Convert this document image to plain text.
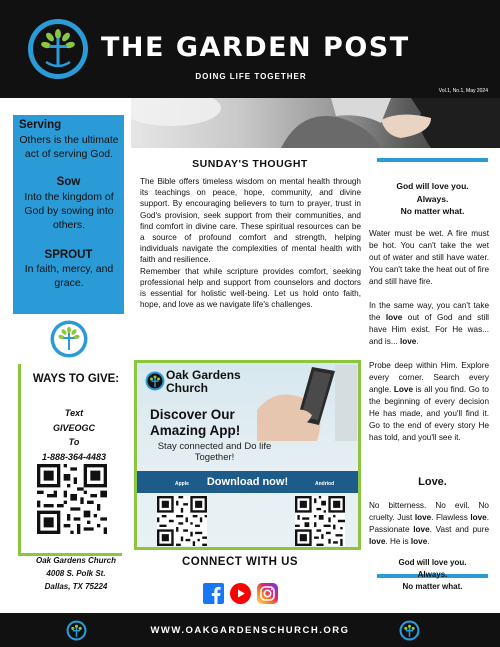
THE GARDEN POST
DOING LIFE TOGETHER
Vol.1, No.1, May 2024
Serving
Others is the ultimate act of serving God.
Sow
Into the kingdom of God by sowing into others.
SPROUT
In faith, mercy, and grace.
WAYS TO GIVE:
Text
GIVEOGC
To
1-888-364-4483
Oak Gardens Church
4008 S. Polk St.
Dallas, TX 75224
SUNDAY'S THOUGHT

The Bible offers timeless wisdom on mental health through its teachings on peace, hope, community, and divine support. By encouraging believers to turn to prayer, trust in God's provision, seek support from their communities, and find comfort in divine care. These spiritual resources can be a source of profound comfort and strength, helping individuals navigate the complexities of mental health with faith and resilience.

Remember that while scripture provides comfort, seeking professional help and support from counselors and doctors is essential for holistic well-being. Let us hold onto faith, hope, and love as we navigate life's challenges.

Oak Gardens Church
Discover Our Amazing App!
Stay connected and Do life Together!
Download now!
Apple	Andriod
CONNECT WITH US
God will love you.
Always.
No matter what.

Water must be wet. A fire must be hot. You can't take the wet out of water and still have water. You can't take the heat out of fire and still have fire.

In the same way, you can't take the love out of God and still have Him exist. For He was... and is... love.

Probe deep within Him. Explore every corner. Search every angle. Love is all you find. Go to the beginning of every decision He has made, and you'll find it. Go to the end of every story He has told, and you'll see it.

Love.

No bitterness. No evil. No cruelty. Just love. Flawless love. Passionate love. Vast and pure love. He is love.

God will love you.
Always.
No matter what.
WWW.OAKGARDENSCHURCH.ORG
